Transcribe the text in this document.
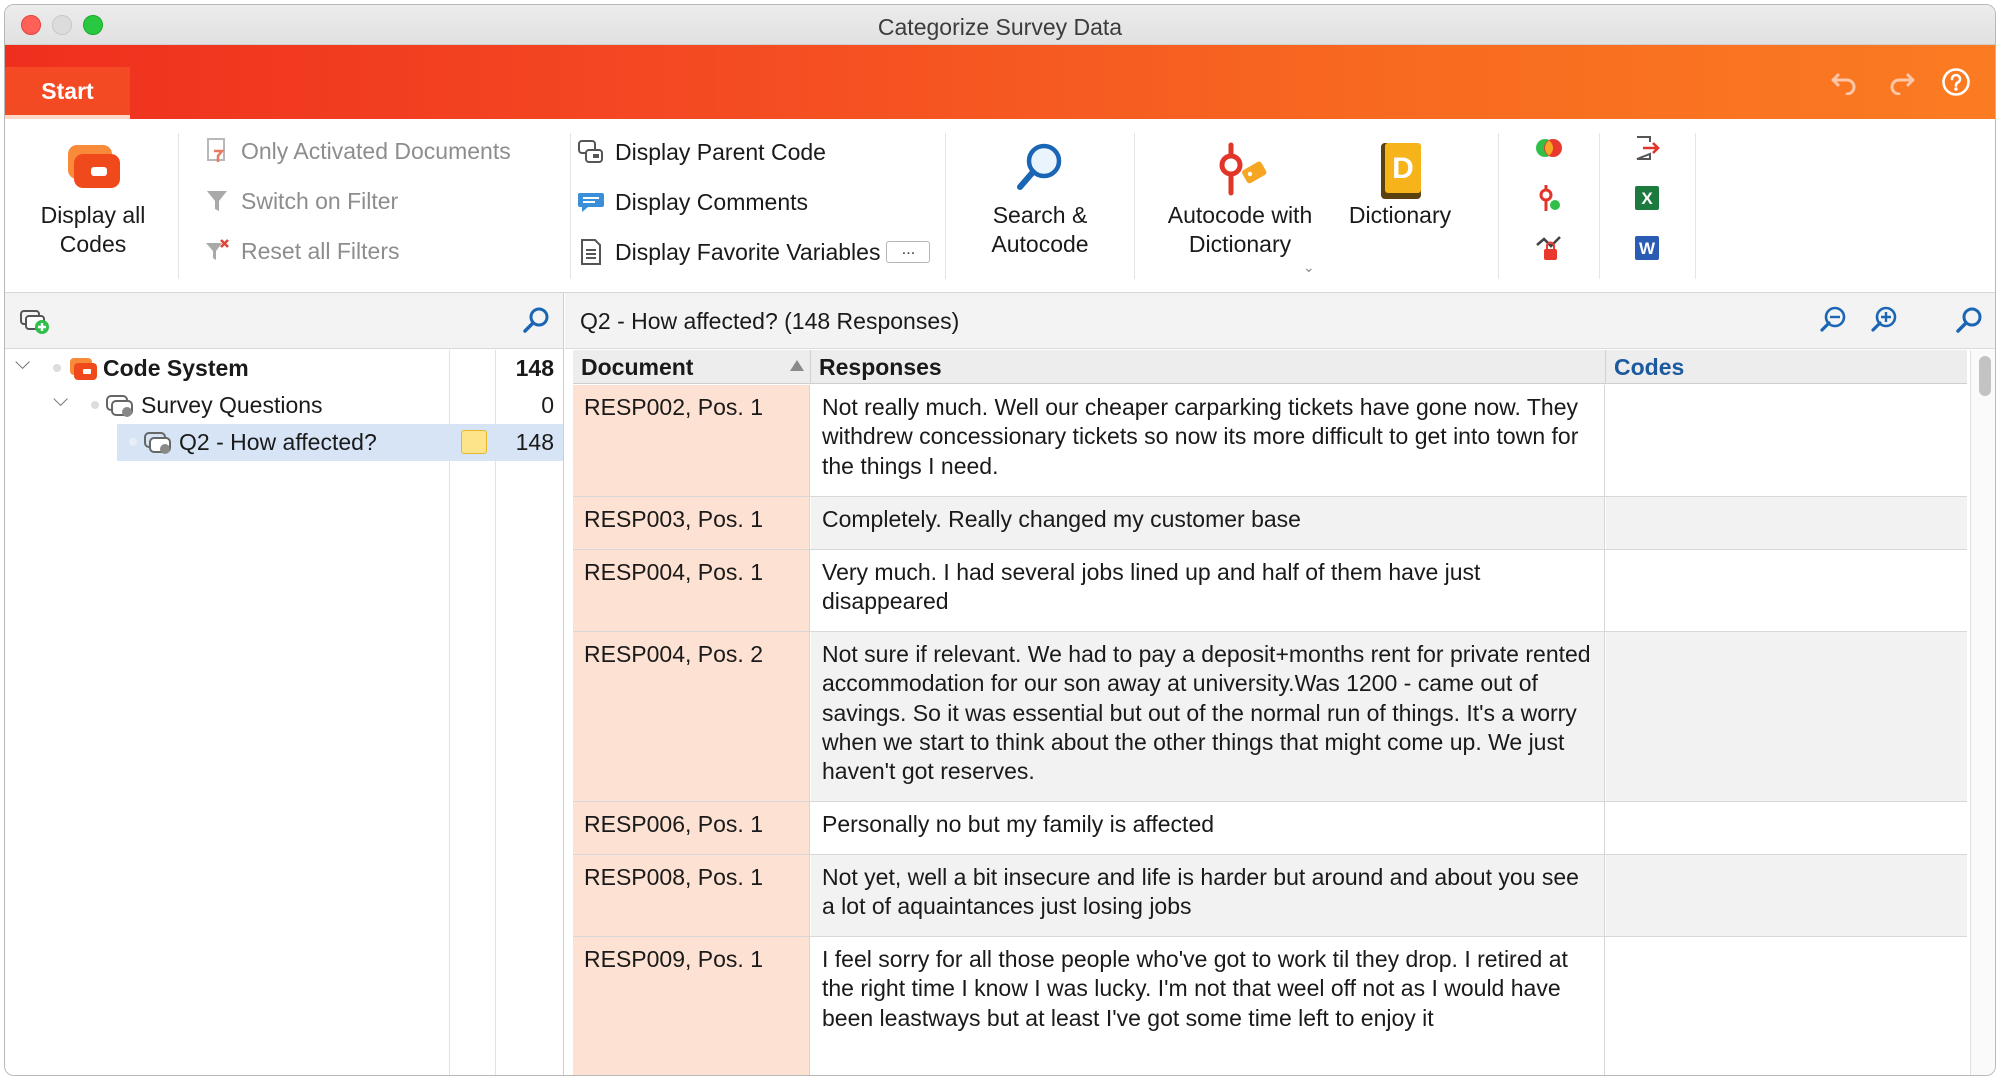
Categorize Survey Data
Start
Display all
Codes
Only Activated Documents
Switch on Filter
Reset all Filters
Display Parent Code
Display Comments
Display Favorite Variables	...
Search &
Autocode
Autocode with
Dictionary
⌄
D
Dictionary
X
W
⌵	Code System	148
⌵	Survey Questions	0
Q2 - How affected?	148
Q2 - How affected? (148 Responses)
Document	Responses	Codes
RESP002, Pos. 1	Not really much. Well our cheaper carparking tickets have gone now. They withdrew concessionary tickets so now its more difficult to get into town for the things I need.
RESP003, Pos. 1	Completely. Really changed my customer base
RESP004, Pos. 1	Very much. I had several jobs lined up and half of them have just disappeared
RESP004, Pos. 2	Not sure if relevant. We had to pay a deposit+months rent for private rented accommodation for our son away at university.Was 1200 - came out of savings. So it was essential but out of the normal run of things. It's a worry when we start to think about the other things that might come up. We just haven't got reserves.
RESP006, Pos. 1	Personally no but my family is affected
RESP008, Pos. 1	Not yet, well a bit insecure and life is harder but around and about you see a lot of aquaintances just losing jobs
RESP009, Pos. 1	I feel sorry for all those people who've got to work til they drop. I retired at the right time I know I was lucky. I'm not that weel off not as I would have been leastways but at least I've got some time left to enjoy it
